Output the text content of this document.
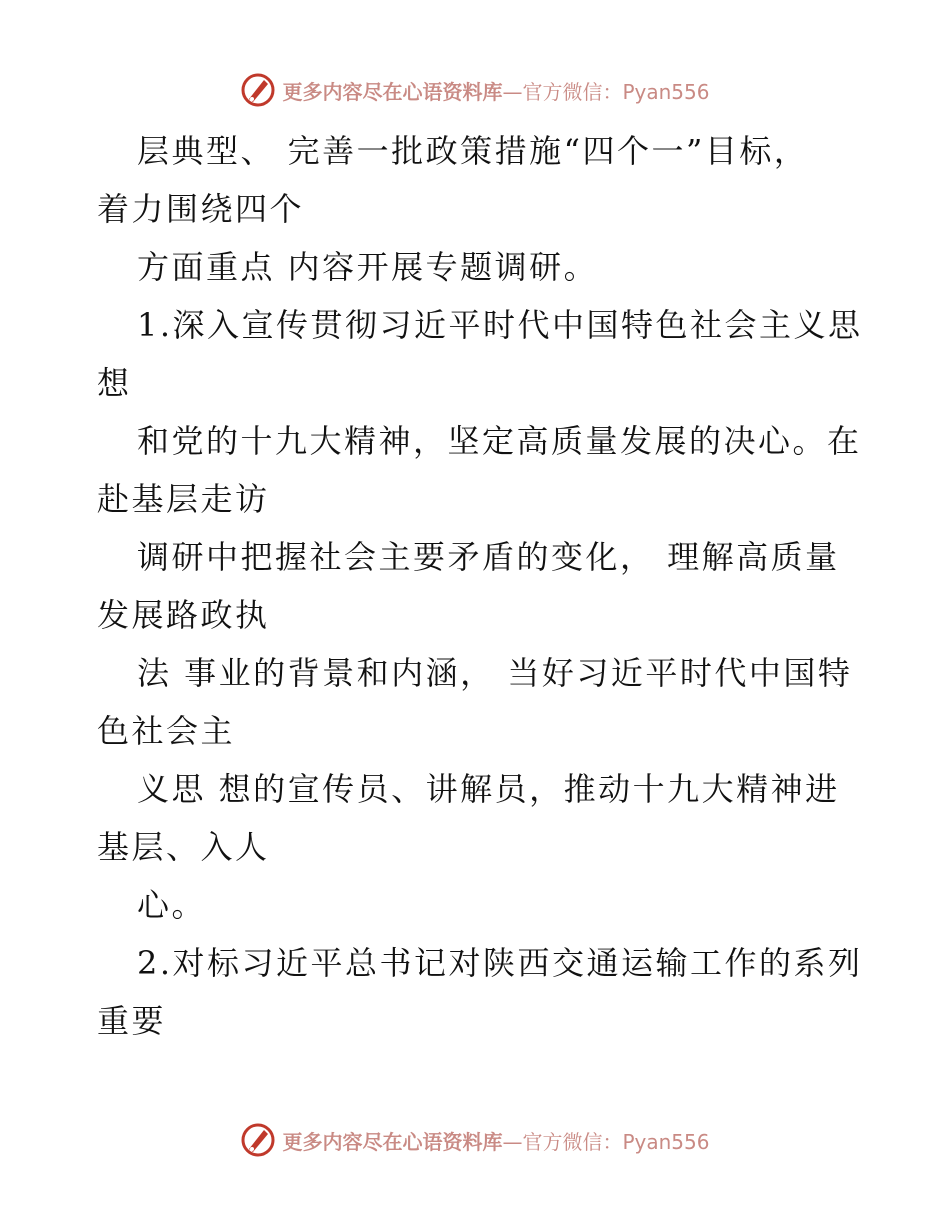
更多内容尽在心语资料库—官方微信：Pyan556
层典型、 完善一批政策措施“四个一”目标，
着力围绕四个
方面重点 内容开展专题调研。
1.深入宣传贯彻习近平时代中国特色社会主义思
想
和党的十九大精神，坚定高质量发展的决心。在
赴基层走访
调研中把握社会主要矛盾的变化， 理解高质量
发展路政执
法 事业的背景和内涵， 当好习近平时代中国特
色社会主
义思 想的宣传员、讲解员，推动十九大精神进
基层、入人
心。
2.对标习近平总书记对陕西交通运输工作的系列
重要
更多内容尽在心语资料库—官方微信：Pyan556
